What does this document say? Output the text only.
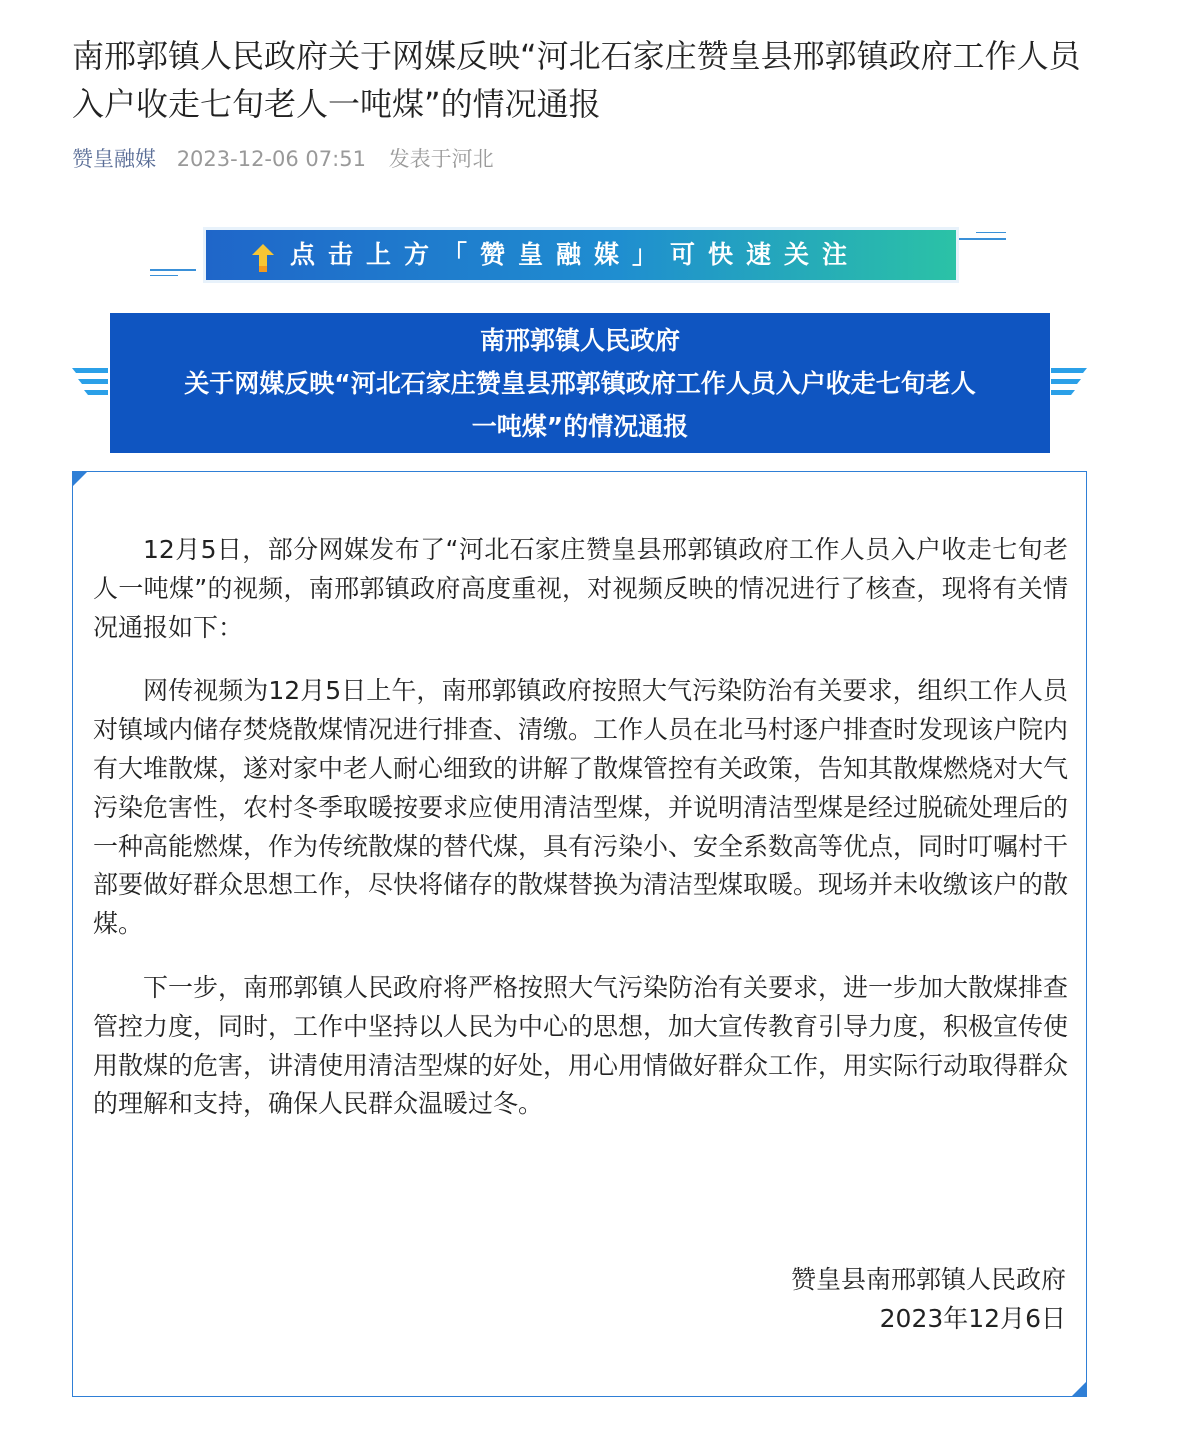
南邢郭镇人民政府关于网媒反映“河北石家庄赞皇县邢郭镇政府工作人员入户收走七旬老人一吨煤”的情况通报
赞皇融媒 2023-12-06 07:51 发表于河北
点击上方「赞皇融媒」可快速关注
南邢郭镇人民政府
关于网媒反映“河北石家庄赞皇县邢郭镇政府工作人员入户收走七旬老人
一吨煤”的情况通报

12月5日，部分网媒发布了“河北石家庄赞皇县邢郭镇政府工作人员入户收走七旬老人一吨煤”的视频，南邢郭镇政府高度重视，对视频反映的情况进行了核查，现将有关情况通报如下：

网传视频为12月5日上午，南邢郭镇政府按照大气污染防治有关要求，组织工作人员对镇域内储存焚烧散煤情况进行排查、清缴。工作人员在北马村逐户排查时发现该户院内有大堆散煤，遂对家中老人耐心细致的讲解了散煤管控有关政策，告知其散煤燃烧对大气污染危害性，农村冬季取暖按要求应使用清洁型煤，并说明清洁型煤是经过脱硫处理后的一种高能燃煤，作为传统散煤的替代煤，具有污染小、安全系数高等优点，同时叮嘱村干部要做好群众思想工作，尽快将储存的散煤替换为清洁型煤取暖。现场并未收缴该户的散煤。

下一步，南邢郭镇人民政府将严格按照大气污染防治有关要求，进一步加大散煤排查管控力度，同时，工作中坚持以人民为中心的思想，加大宣传教育引导力度，积极宣传使用散煤的危害，讲清使用清洁型煤的好处，用心用情做好群众工作，用实际行动取得群众的理解和支持，确保人民群众温暖过冬。

赞皇县南邢郭镇人民政府
2023年12月6日
